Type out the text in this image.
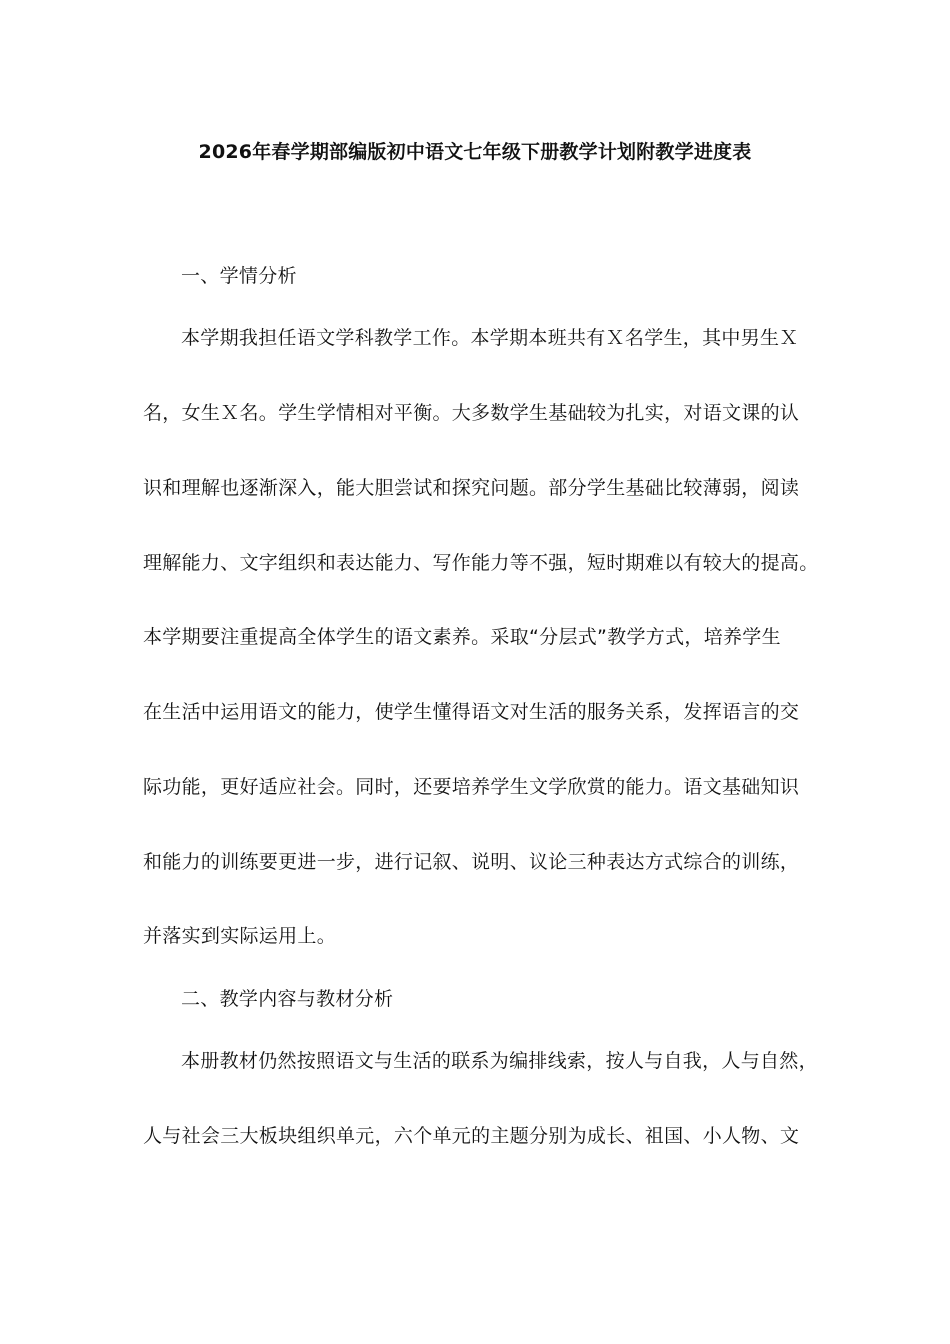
2026年春学期部编版初中语文七年级下册教学计划附教学进度表
一、学情分析
本学期我担任语文学科教学工作。本学期本班共有Ｘ名学生，其中男生Ｘ
名，女生Ｘ名。学生学情相对平衡。大多数学生基础较为扎实，对语文课的认
识和理解也逐渐深入，能大胆尝试和探究问题。部分学生基础比较薄弱，阅读
理解能力、文字组织和表达能力、写作能力等不强，短时期难以有较大的提高。
本学期要注重提高全体学生的语文素养。采取“分层式”教学方式，培养学生
在生活中运用语文的能力，使学生懂得语文对生活的服务关系，发挥语言的交
际功能，更好适应社会。同时，还要培养学生文学欣赏的能力。语文基础知识
和能力的训练要更进一步，进行记叙、说明、议论三种表达方式综合的训练，
并落实到实际运用上。
二、教学内容与教材分析
本册教材仍然按照语文与生活的联系为编排线索，按人与自我，人与自然，
人与社会三大板块组织单元，六个单元的主题分别为成长、祖国、小人物、文
